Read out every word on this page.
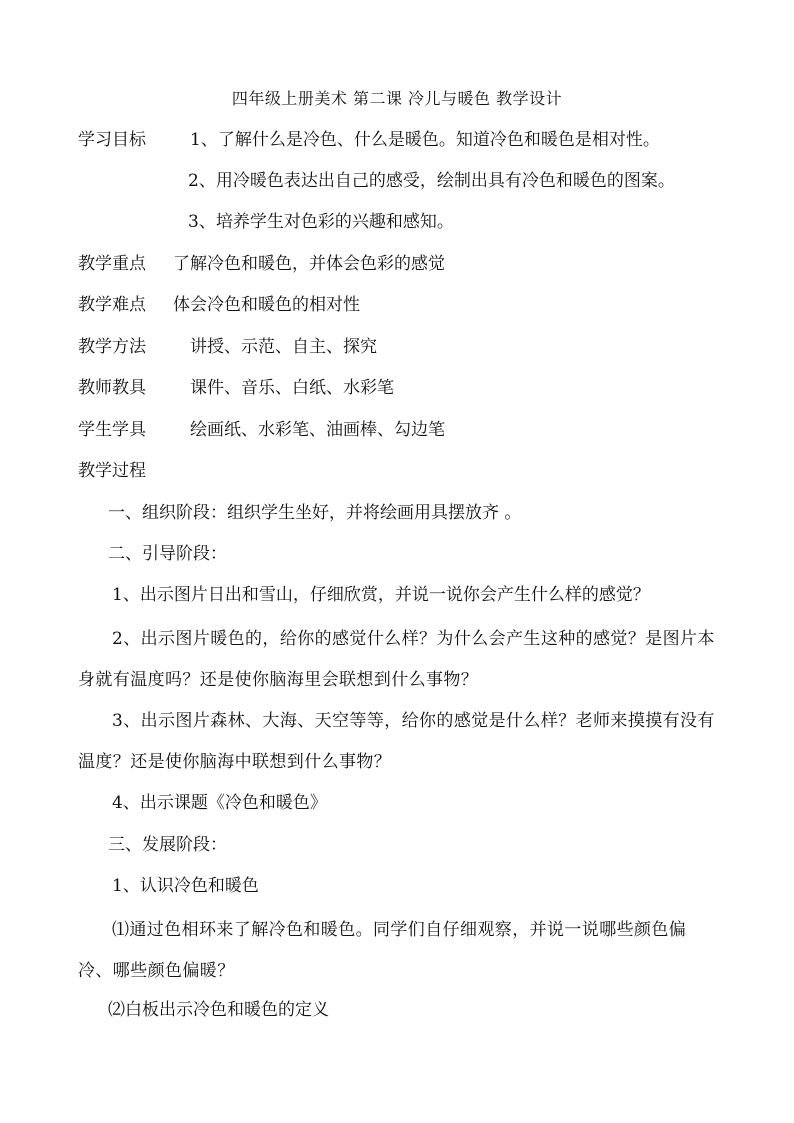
四年级上册美术 第二课 冷儿与暖色 教学设计
学习目标	1、了解什么是冷色、什么是暖色。知道冷色和暖色是相对性。
2、用冷暖色表达出自己的感受，绘制出具有冷色和暖色的图案。
3、培养学生对色彩的兴趣和感知。
教学重点 了解冷色和暖色，并体会色彩的感觉
教学难点 体会冷色和暖色的相对性
教学方法	讲授、示范、自主、探究
教师教具	课件、音乐、白纸、水彩笔
学生学具	绘画纸、水彩笔、油画棒、勾边笔
教学过程
一、组织阶段：组织学生坐好，并将绘画用具摆放齐 。
二、引导阶段：
1、出示图片日出和雪山，仔细欣赏，并说一说你会产生什么样的感觉？
2、出示图片暖色的，给你的感觉什么样？为什么会产生这种的感觉？是图片本身就有温度吗？还是使你脑海里会联想到什么事物？
3、出示图片森林、大海、天空等等，给你的感觉是什么样？老师来摸摸有没有温度？还是使你脑海中联想到什么事物？
4、出示课题《冷色和暖色》
三、发展阶段：
1、认识冷色和暖色
⑴通过色相环来了解冷色和暖色。同学们自仔细观察，并说一说哪些颜色偏冷、哪些颜色偏暖？
⑵白板出示冷色和暖色的定义
